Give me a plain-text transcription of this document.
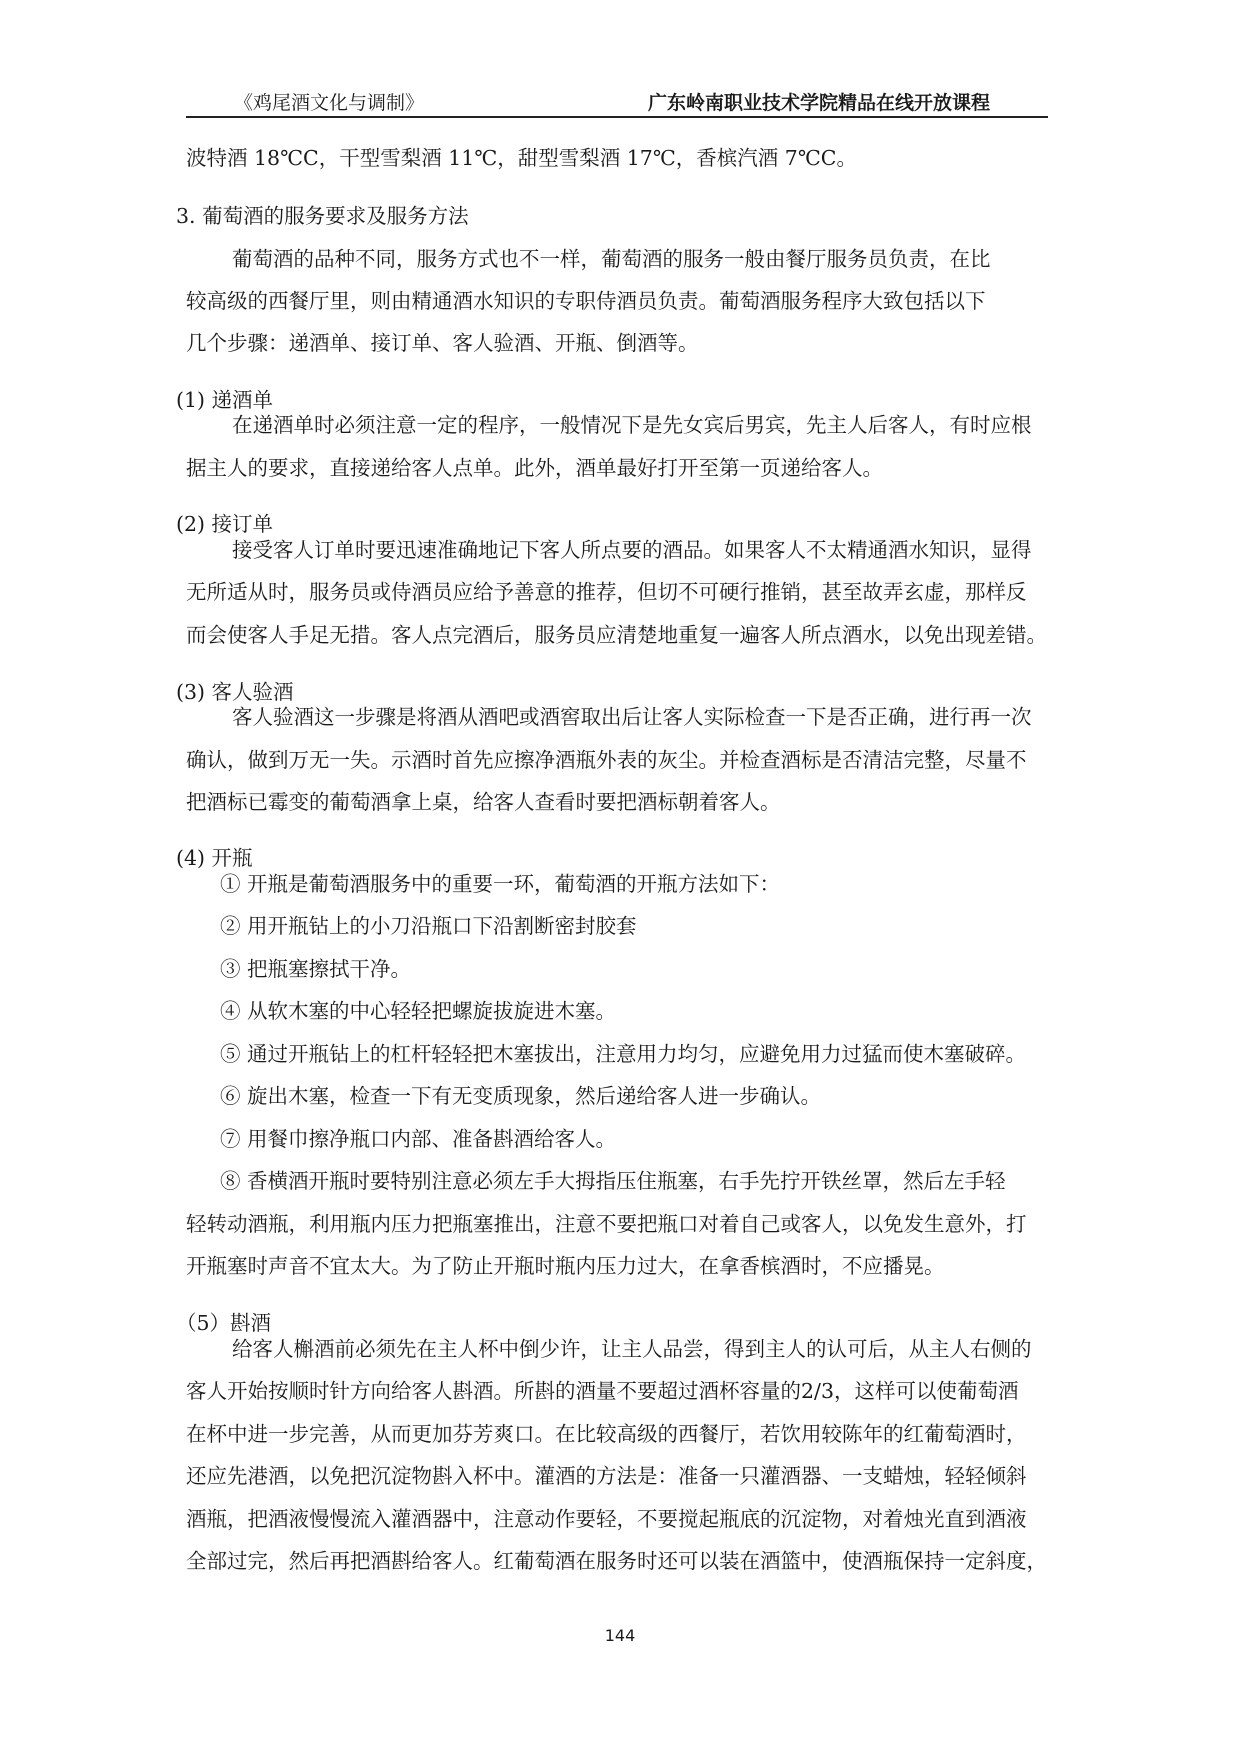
《鸡尾酒文化与调制》	广东岭南职业技术学院精品在线开放课程
波特酒 18℃C，干型雪梨酒 11℃，甜型雪梨酒 17℃，香槟汽酒 7℃C。
3. 葡萄酒的服务要求及服务方法
葡萄酒的品种不同，服务方式也不一样，葡萄酒的服务一般由餐厅服务员负责，在比
较高级的西餐厅里，则由精通酒水知识的专职侍酒员负责。葡萄酒服务程序大致包括以下
几个步骤：递酒单、接订单、客人验酒、开瓶、倒酒等。
(1) 递酒单
在递酒单时必须注意一定的程序，一般情况下是先女宾后男宾，先主人后客人，有时应根
据主人的要求，直接递给客人点单。此外，酒单最好打开至第一页递给客人。
(2) 接订单
接受客人订单时要迅速准确地记下客人所点要的酒品。如果客人不太精通酒水知识，显得
无所适从时，服务员或侍酒员应给予善意的推荐，但切不可硬行推销，甚至故弄玄虚，那样反
而会使客人手足无措。客人点完酒后，服务员应清楚地重复一遍客人所点酒水，以免出现差错。
(3) 客人验酒
客人验酒这一步骤是将酒从酒吧或酒窖取出后让客人实际检查一下是否正确，进行再一次
确认，做到万无一失。示酒时首先应擦净酒瓶外表的灰尘。并检查酒标是否清洁完整，尽量不
把酒标已霉变的葡萄酒拿上桌，给客人查看时要把酒标朝着客人。
(4) 开瓶
① 开瓶是葡萄酒服务中的重要一环，葡萄酒的开瓶方法如下：
② 用开瓶钻上的小刀沿瓶口下沿割断密封胶套
③ 把瓶塞擦拭干净。
④ 从软木塞的中心轻轻把螺旋拔旋进木塞。
⑤ 通过开瓶钻上的杠杆轻轻把木塞拔出，注意用力均匀，应避免用力过猛而使木塞破碎。
⑥ 旋出木塞，检查一下有无变质现象，然后递给客人进一步确认。
⑦ 用餐巾擦净瓶口内部、准备斟酒给客人。
⑧ 香横酒开瓶时要特别注意必须左手大拇指压住瓶塞，右手先拧开铁丝罩，然后左手轻
轻转动酒瓶，利用瓶内压力把瓶塞推出，注意不要把瓶口对着自己或客人，以免发生意外，打
开瓶塞时声音不宜太大。为了防止开瓶时瓶内压力过大，在拿香槟酒时，不应播晃。
（5）斟酒
给客人槲酒前必须先在主人杯中倒少许，让主人品尝，得到主人的认可后，从主人右侧的
客人开始按顺时针方向给客人斟酒。所斟的酒量不要超过酒杯容量的2/3，这样可以使葡萄酒
在杯中进一步完善，从而更加芬芳爽口。在比较高级的西餐厅，若饮用较陈年的红葡萄酒时，
还应先港酒，以免把沉淀物斟入杯中。灌酒的方法是：准备一只灌酒器、一支蜡烛，轻轻倾斜
酒瓶，把酒液慢慢流入灌酒器中，注意动作要轻，不要搅起瓶底的沉淀物，对着烛光直到酒液
全部过完，然后再把酒斟给客人。红葡萄酒在服务时还可以装在酒篮中，使酒瓶保持一定斜度，
144
